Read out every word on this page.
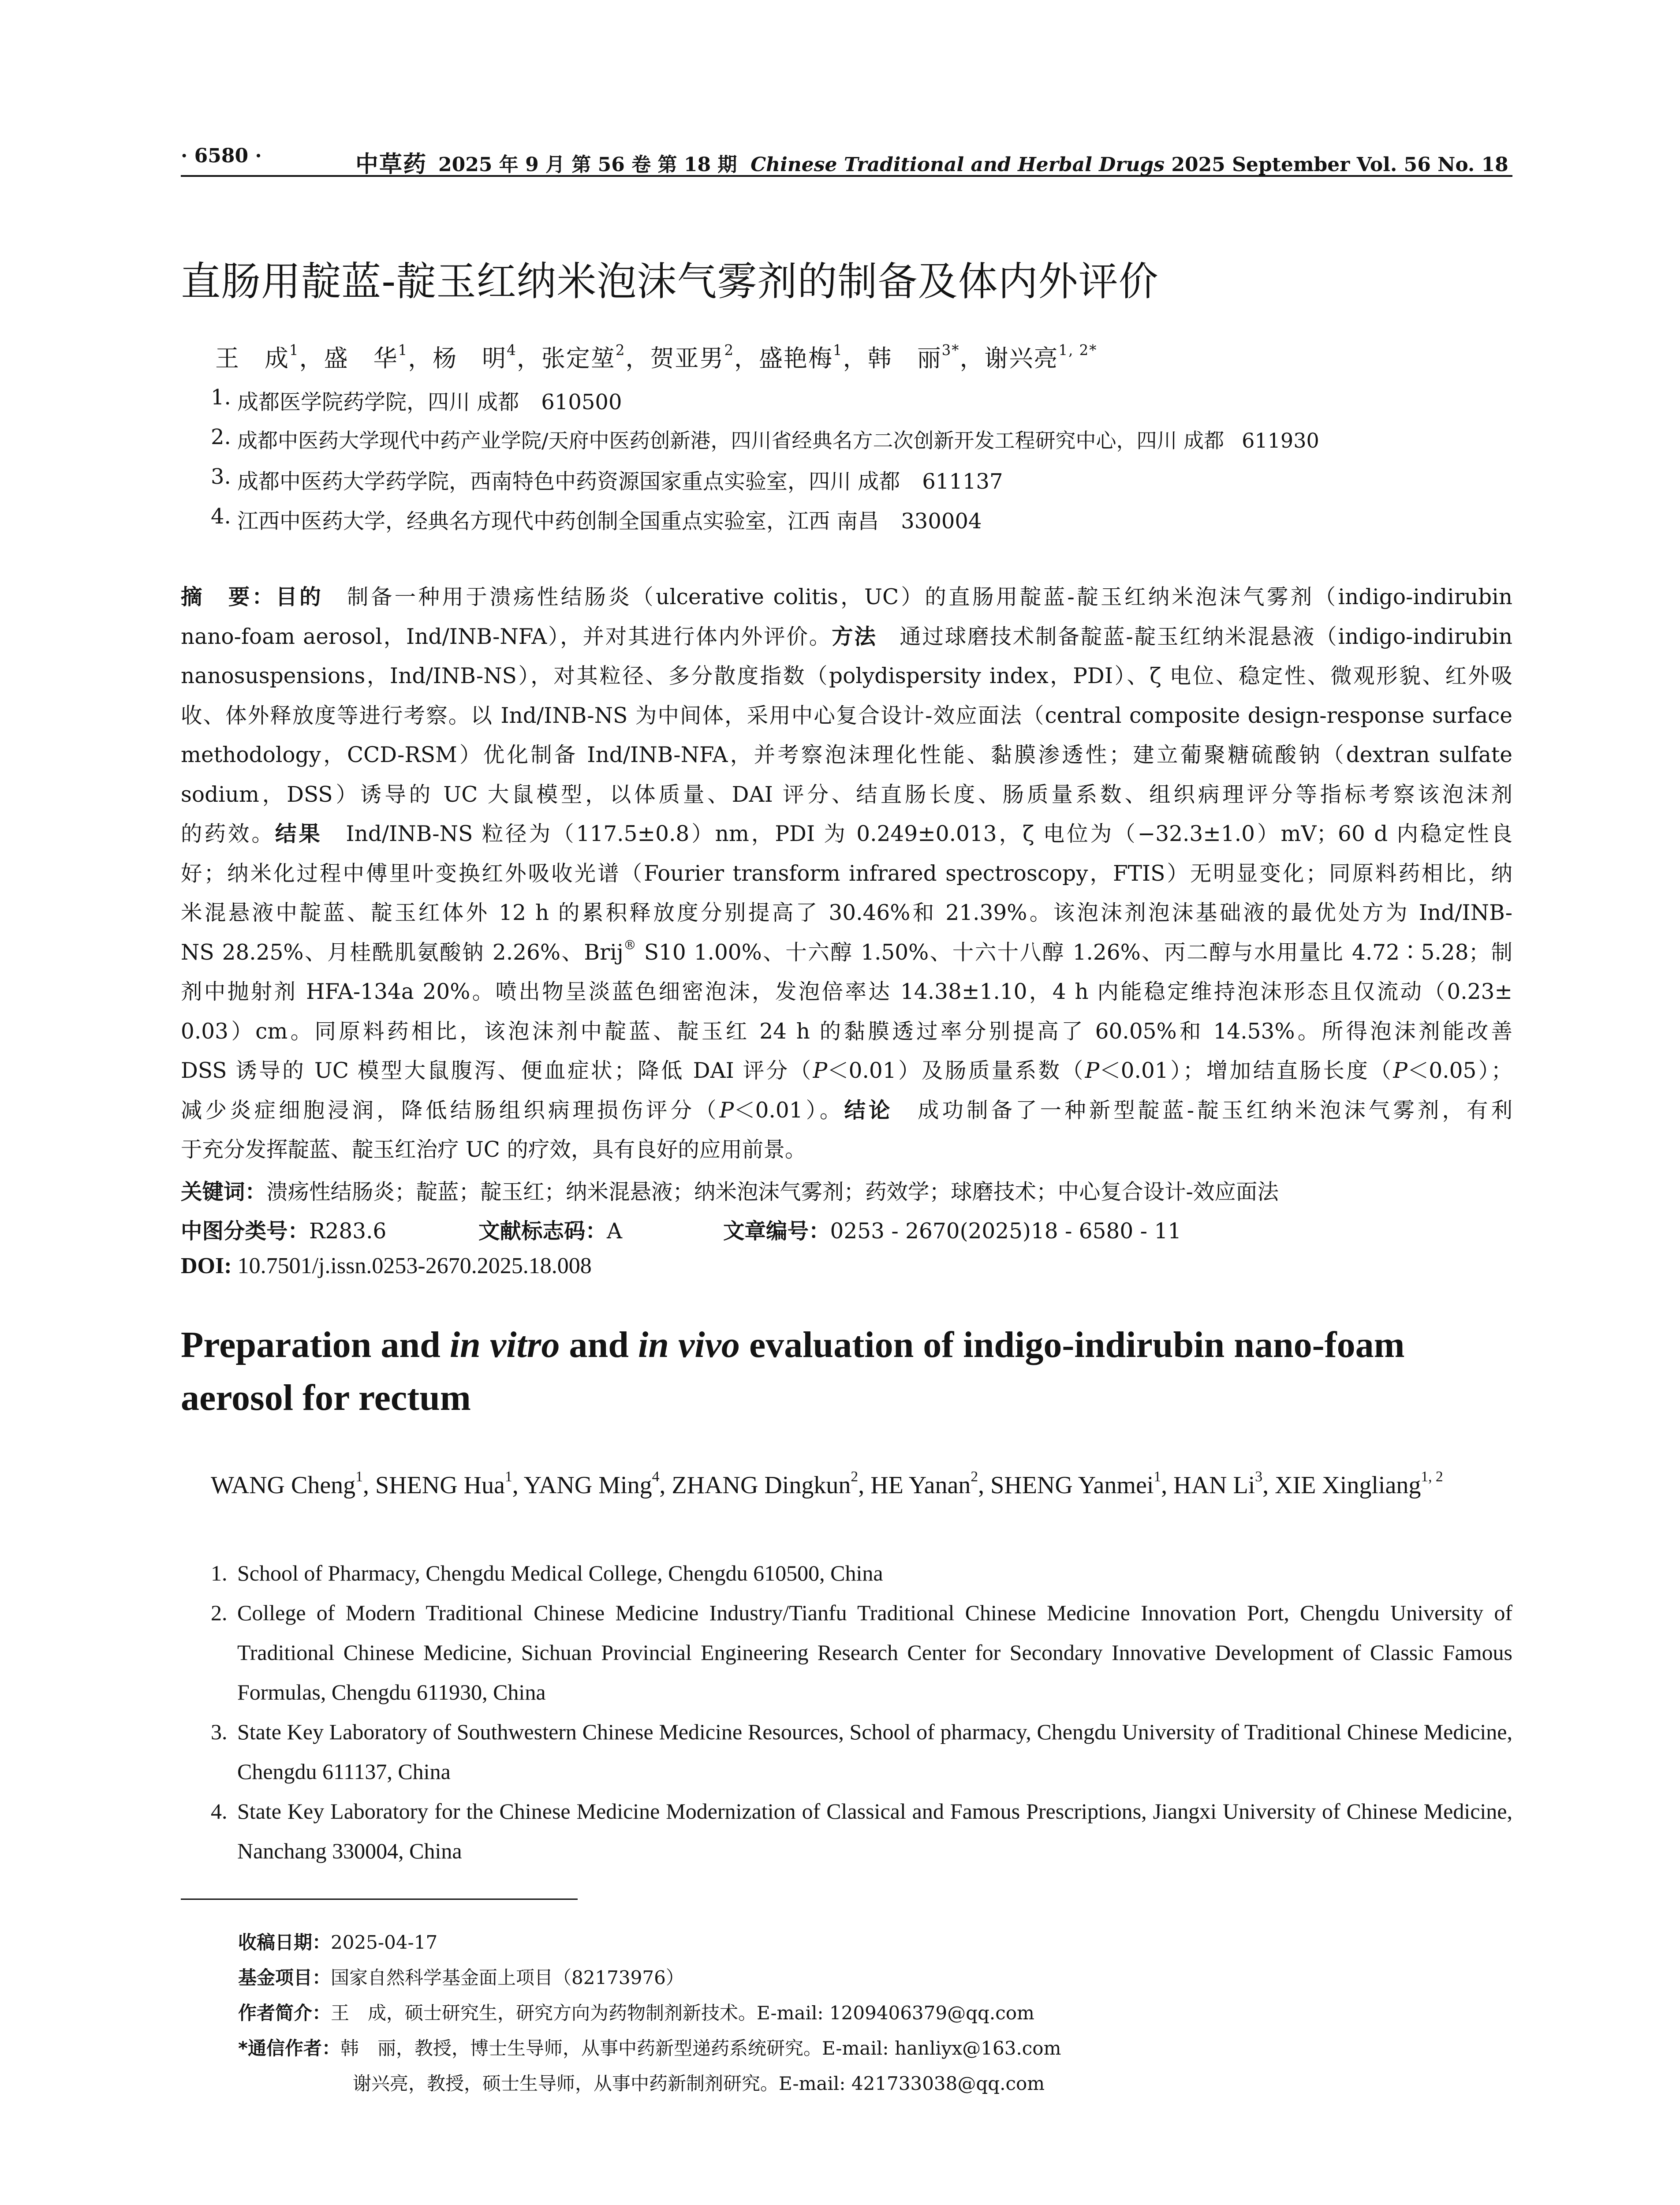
· 6580 ·	中草药 2025 年 9 月 第 56 卷 第 18 期 Chinese Traditional and Herbal Drugs 2025 September Vol. 56 No. 18
直肠用靛蓝-靛玉红纳米泡沫气雾剂的制备及体内外评价
王　成$^1$，盛　华$^1$，杨　明$^4$，张定堃$^2$，贺亚男$^2$，盛艳梅$^1$，韩　丽$^{3*}$，谢兴亮$^{1, 2*}$
1. 成都医学院药学院，四川 成都 610500
2. 成都中医药大学现代中药产业学院/天府中医药创新港，四川省经典名方二次创新开发工程研究中心，四川 成都 611930
3. 成都中医药大学药学院，西南特色中药资源国家重点实验室，四川 成都 611137
4. 江西中医药大学，经典名方现代中药创制全国重点实验室，江西 南昌 330004
摘　要：目的　 制备一种用于溃疡性结肠炎（ulcerative colitis，UC）的直肠用靛蓝-靛玉红纳米泡沫气雾剂（indigo-indirubin
nano-foam aerosol，Ind/INB-NFA），并对其进行体内外评价。方法　 通过球磨技术制备靛蓝-靛玉红纳米混悬液（indigo-indirubin
nanosuspensions，Ind/INB-NS），对其粒径、多分散度指数（polydispersity index，PDI）、ζ 电位、稳定性、微观形貌、红外吸
收、体外释放度等进行考察。以 Ind/INB-NS 为中间体，采用中心复合设计-效应面法（central composite design-response surface
methodology，CCD-RSM）优化制备 Ind/INB-NFA，并考察泡沫理化性能、黏膜渗透性；建立葡聚糖硫酸钠（dextran sulfate
sodium，DSS）诱导的 UC 大鼠模型，以体质量、DAI 评分、结直肠长度、肠质量系数、组织病理评分等指标考察该泡沫剂
的药效。结果　 Ind/INB-NS 粒径为（117.5±0.8）nm，PDI 为 0.249±0.013，ζ 电位为（−32.3±1.0）mV；60 d 内稳定性良
好；纳米化过程中傅里叶变换红外吸收光谱（Fourier transform infrared spectroscopy，FTIS）无明显变化；同原料药相比，纳
米混悬液中靛蓝、靛玉红体外 12 h 的累积释放度分别提高了 30.46%和 21.39%。该泡沫剂泡沫基础液的最优处方为 Ind/INB-
NS 28.25%、月桂酰肌氨酸钠 2.26%、Brij® S10 1.00%、十六醇 1.50%、十六十八醇 1.26%、丙二醇与水用量比 4.72∶5.28；制
剂中抛射剂 HFA-134a 20%。喷出物呈淡蓝色细密泡沫，发泡倍率达 14.38±1.10，4 h 内能稳定维持泡沫形态且仅流动（0.23±
0.03）cm。同原料药相比，该泡沫剂中靛蓝、靛玉红 24 h 的黏膜透过率分别提高了 60.05%和 14.53%。所得泡沫剂能改善
DSS 诱导的 UC 模型大鼠腹泻、便血症状；降低 DAI 评分（P＜0.01）及肠质量系数（P＜0.01）；增加结直肠长度（P＜0.05）；
减少炎症细胞浸润，降低结肠组织病理损伤评分（P＜0.01）。结论　 成功制备了一种新型靛蓝-靛玉红纳米泡沫气雾剂，有利
于充分发挥靛蓝、靛玉红治疗 UC 的疗效，具有良好的应用前景。
关键词：溃疡性结肠炎；靛蓝；靛玉红；纳米混悬液；纳米泡沫气雾剂；药效学；球磨技术；中心复合设计-效应面法
中图分类号：R283.6	文献标志码：A	文章编号：0253 - 2670(2025)18 - 6580 - 11
DOI: 10.7501/j.issn.0253-2670.2025.18.008
Preparation and in vitro and in vivo evaluation of indigo-indirubin nano-foam
aerosol for rectum
WANG Cheng$^1$, SHENG Hua$^1$, YANG Ming$^4$, ZHANG Dingkun$^2$, HE Yanan$^2$, SHENG Yanmei$^1$, HAN Li$^3$, XIE Xingliang$^{1, 2}$
1. School of Pharmacy, Chengdu Medical College, Chengdu 610500, China
2. College of Modern Traditional Chinese Medicine Industry/Tianfu Traditional Chinese Medicine Innovation Port, Chengdu University of Traditional Chinese Medicine, Sichuan Provincial Engineering Research Center for Secondary Innovative Development of Classic Famous Formulas, Chengdu 611930, China
3. State Key Laboratory of Southwestern Chinese Medicine Resources, School of pharmacy, Chengdu University of Traditional Chinese Medicine, Chengdu 611137, China
4. State Key Laboratory for the Chinese Medicine Modernization of Classical and Famous Prescriptions, Jiangxi University of Chinese Medicine, Nanchang 330004, China
收稿日期：2025-04-17
基金项目：国家自然科学基金面上项目（82173976）
作者简介：王　成，硕士研究生，研究方向为药物制剂新技术。E-mail: 1209406379@qq.com
*通信作者：韩　丽，教授，博士生导师，从事中药新型递药系统研究。E-mail: hanliyx@163.com
谢兴亮，教授，硕士生导师，从事中药新制剂研究。E-mail: 421733038@qq.com
